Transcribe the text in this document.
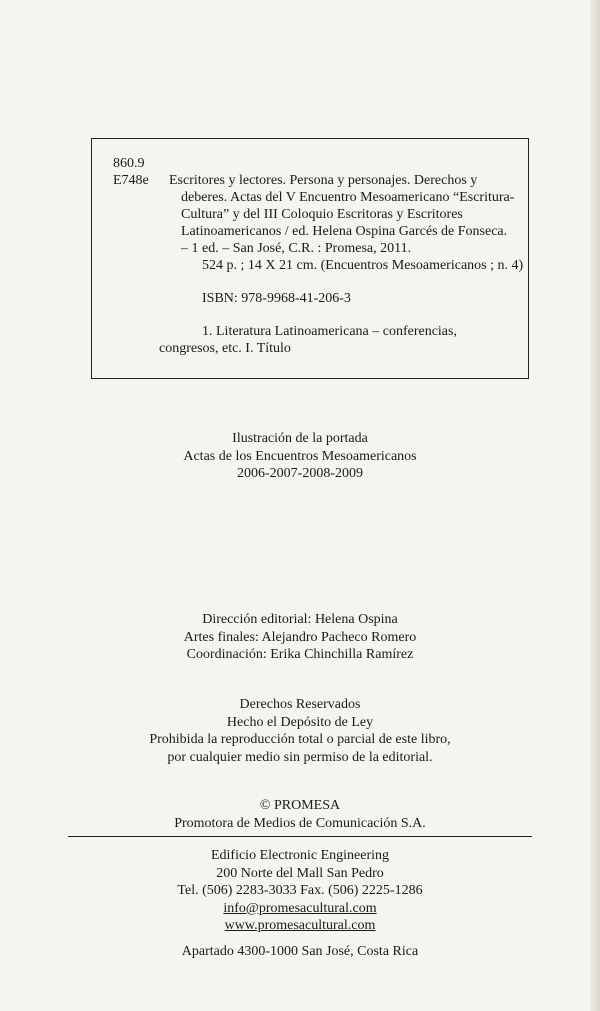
860.9
E748e Escritores y lectores. Persona y personajes. Derechos y
deberes. Actas del V Encuentro Mesoamericano “Escritura-
Cultura” y del III Coloquio Escritoras y Escritores
Latinoamericanos / ed. Helena Ospina Garcés de Fonseca.
– 1 ed. – San José, C.R. : Promesa, 2011.
524 p. ; 14 X 21 cm. (Encuentros Mesoamericanos ; n. 4)
ISBN: 978-9968-41-206-3
1. Literatura Latinoamericana – conferencias,
congresos, etc. I. Título
Ilustración de la portada
Actas de los Encuentros Mesoamericanos
2006-2007-2008-2009
Dirección editorial: Helena Ospina
Artes finales: Alejandro Pacheco Romero
Coordinación: Erika Chinchilla Ramírez
Derechos Reservados
Hecho el Depósito de Ley
Prohibida la reproducción total o parcial de este libro,
por cualquier medio sin permiso de la editorial.
© PROMESA
Promotora de Medios de Comunicación S.A.
Edificio Electronic Engineering
200 Norte del Mall San Pedro
Tel. (506) 2283-3033 Fax. (506) 2225-1286
info@promesacultural.com
www.promesacultural.com
Apartado 4300-1000 San José, Costa Rica
